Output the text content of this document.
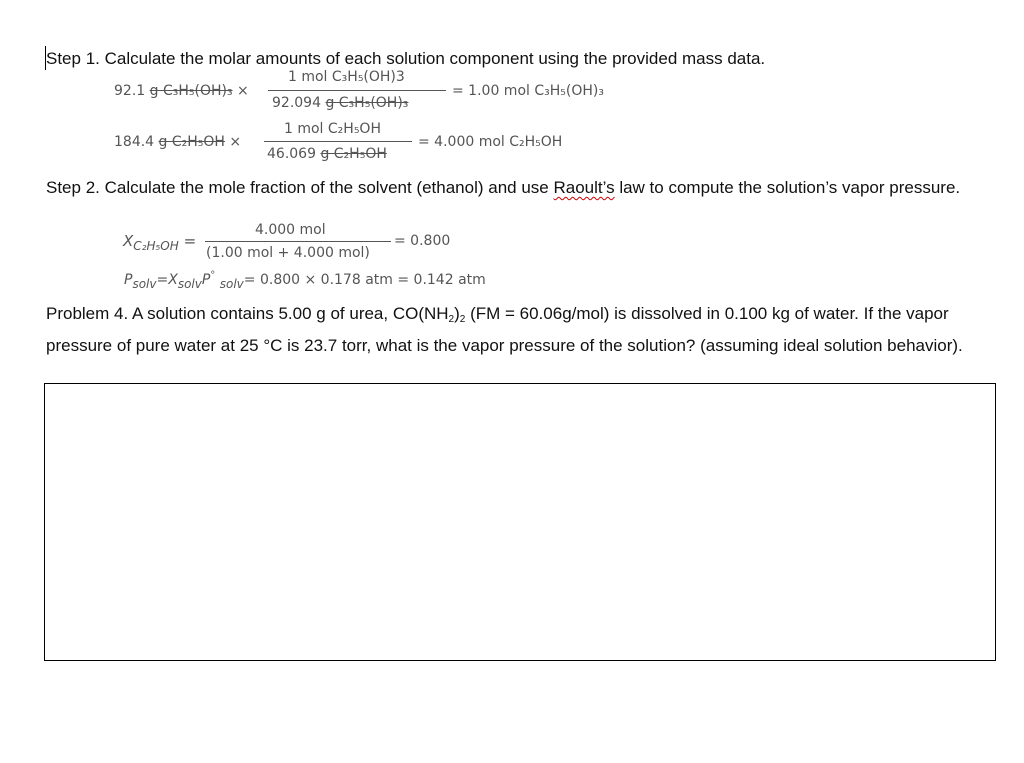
Step 1. Calculate the molar amounts of each solution component using the provided mass data.
92.1 g C₃H₅(OH)₃ ×
1 mol C₃H₅(OH)3
92.094 g C₃H₅(OH)₃
= 1.00 mol C₃H₅(OH)₃
184.4 g C₂H₅OH ×
1 mol C₂H₅OH
46.069 g C₂H₅OH
= 4.000 mol C₂H₅OH
Step 2. Calculate the mole fraction of the solvent (ethanol) and use Raoult’s law to compute the solution’s vapor pressure.
$X_{C_2H_5OH}$ =
4.000 mol
(1.00 mol + 4.000 mol)
= 0.800
Psolv=XsolvP° solv= 0.800 × 0.178 atm = 0.142 atm
Problem 4. A solution contains 5.00 g of urea, $CO(NH_2)_2$ (FM = 60.06g/mol) is dissolved in 0.100 kg of water. If the vapor pressure of pure water at 25 °C is 23.7 torr, what is the vapor pressure of the solution? (assuming ideal solution behavior).
